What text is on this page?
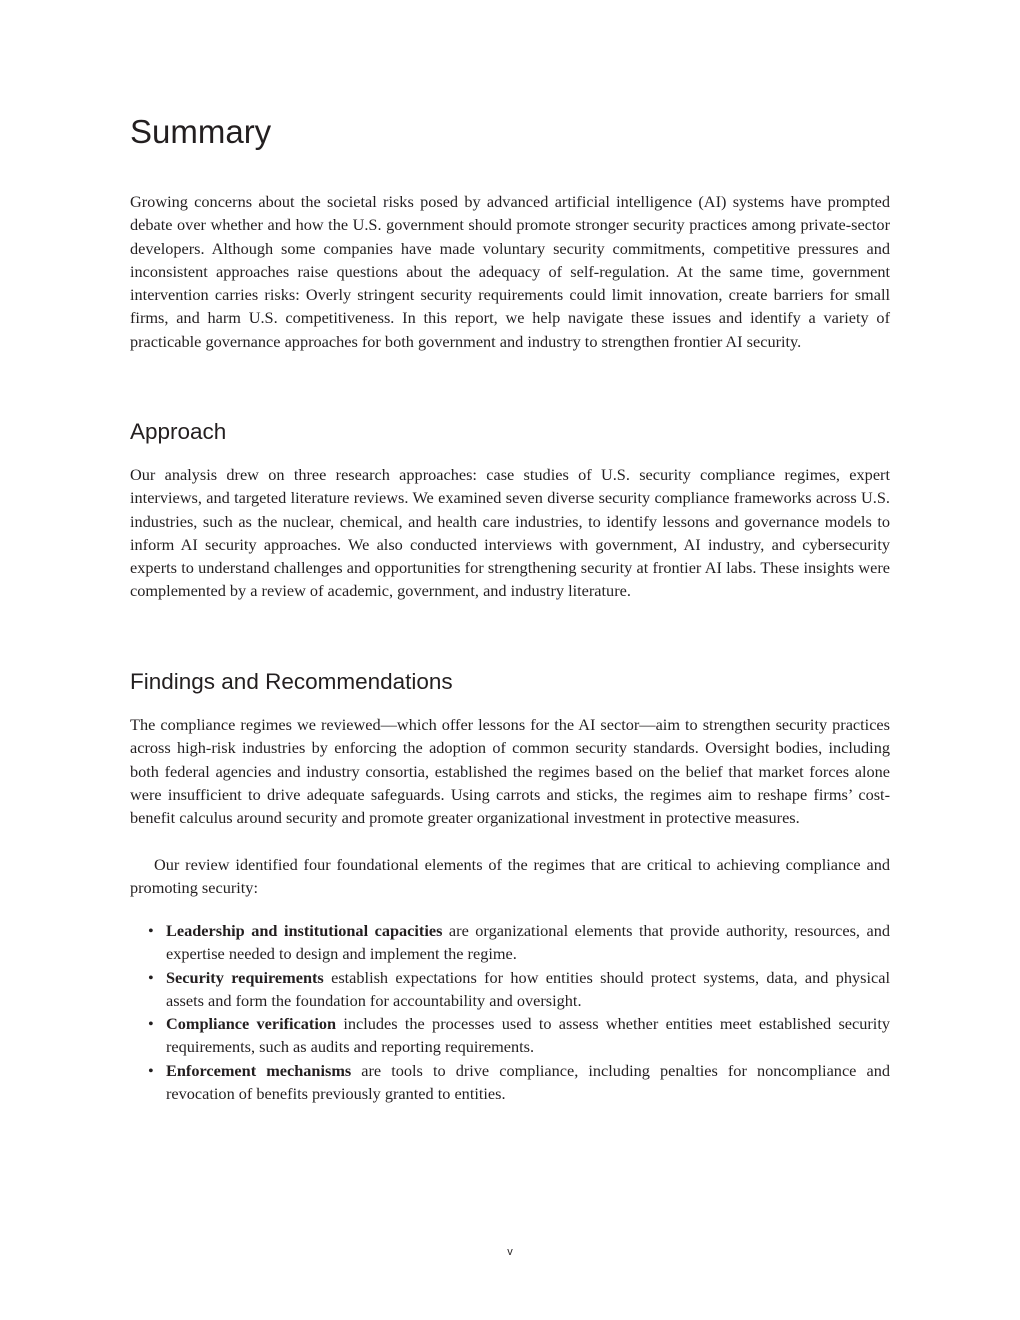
Summary

Growing concerns about the societal risks posed by advanced artificial intelligence (AI) systems have prompted debate over whether and how the U.S. government should promote stronger security practices among private-sector developers. Although some companies have made voluntary security commitments, competitive pressures and inconsistent approaches raise questions about the adequacy of self-regulation. At the same time, government intervention carries risks: Overly stringent security requirements could limit innovation, create barriers for small firms, and harm U.S. competitiveness. In this report, we help navigate these issues and identify a variety of practicable governance approaches for both government and industry to strengthen frontier AI security.

Approach

Our analysis drew on three research approaches: case studies of U.S. security compliance regimes, expert interviews, and targeted literature reviews. We examined seven diverse security compliance frameworks across U.S. industries, such as the nuclear, chemical, and health care industries, to identify lessons and governance models to inform AI security approaches. We also conducted interviews with government, AI industry, and cybersecurity experts to understand challenges and opportunities for strengthening security at frontier AI labs. These insights were complemented by a review of academic, government, and industry literature.

Findings and Recommendations

The compliance regimes we reviewed—which offer lessons for the AI sector—aim to strengthen security practices across high-risk industries by enforcing the adoption of common security standards. Oversight bodies, including both federal agencies and industry consortia, established the regimes based on the belief that market forces alone were insufficient to drive adequate safeguards. Using carrots and sticks, the regimes aim to reshape firms’ cost-benefit calculus around security and promote greater organizational investment in protective measures.

Our review identified four foundational elements of the regimes that are critical to achieving compliance and promoting security:

• Leadership and institutional capacities are organizational elements that provide authority, resources, and expertise needed to design and implement the regime.
• Security requirements establish expectations for how entities should protect systems, data, and physical assets and form the foundation for accountability and oversight.
• Compliance verification includes the processes used to assess whether entities meet established security requirements, such as audits and reporting requirements.
• Enforcement mechanisms are tools to drive compliance, including penalties for noncompliance and revocation of benefits previously granted to entities.
v
